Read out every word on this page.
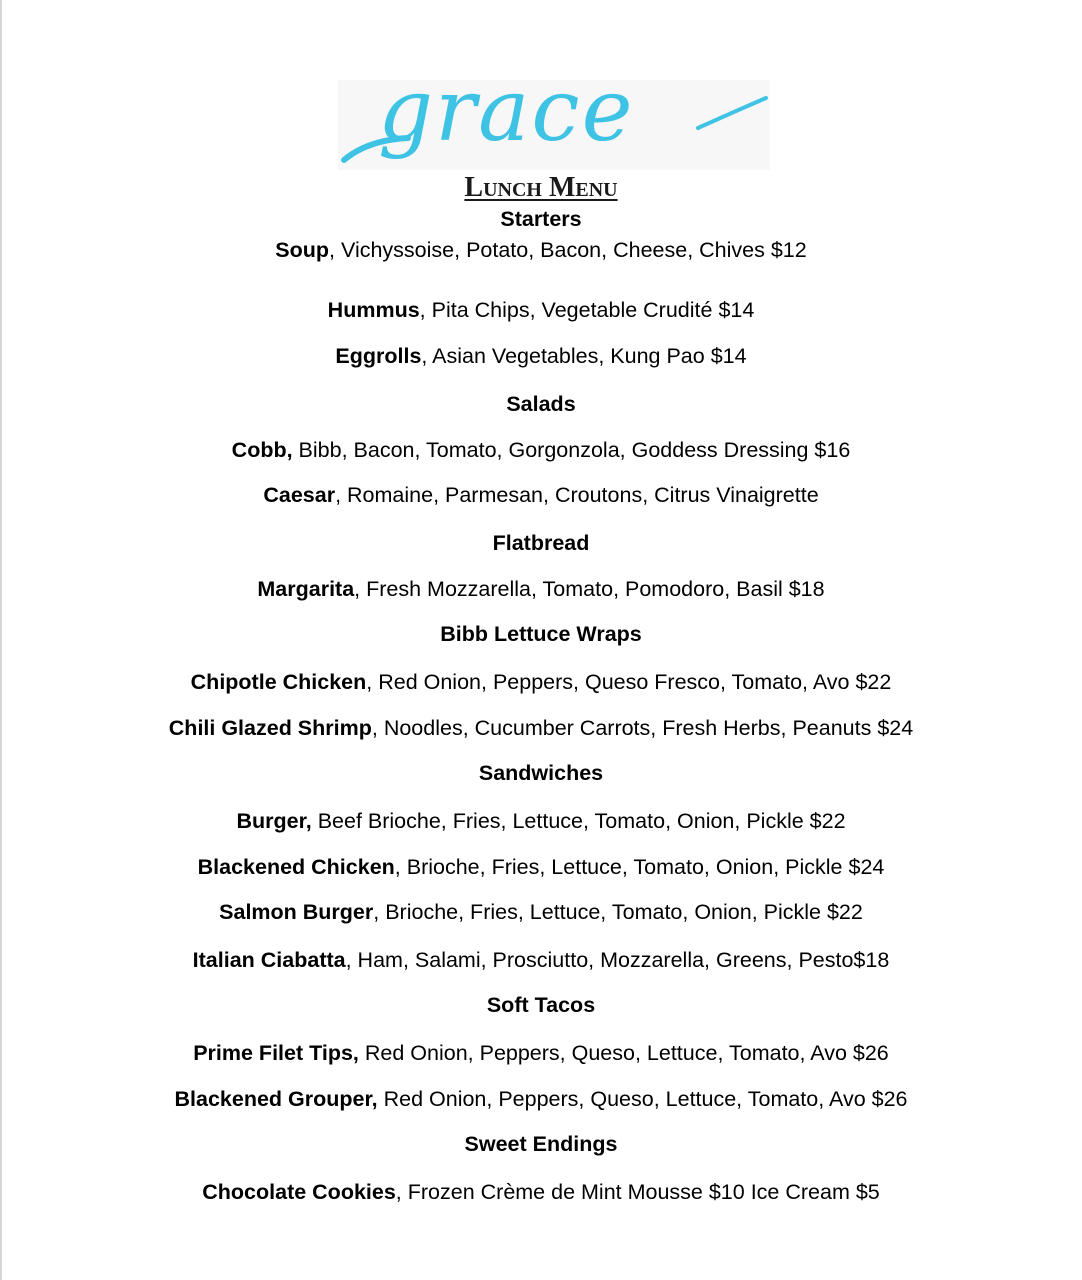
grace
Lunch Menu
Starters
Soup, Vichyssoise, Potato, Bacon, Cheese, Chives $12
Hummus, Pita Chips, Vegetable Crudité $14
Eggrolls, Asian Vegetables, Kung Pao $14
Salads
Cobb, Bibb, Bacon, Tomato, Gorgonzola, Goddess Dressing $16
Caesar, Romaine, Parmesan, Croutons, Citrus Vinaigrette
Flatbread
Margarita, Fresh Mozzarella, Tomato, Pomodoro, Basil $18
Bibb Lettuce Wraps
Chipotle Chicken, Red Onion, Peppers, Queso Fresco, Tomato, Avo $22
Chili Glazed Shrimp, Noodles, Cucumber Carrots, Fresh Herbs, Peanuts $24
Sandwiches
Burger, Beef Brioche, Fries, Lettuce, Tomato, Onion, Pickle $22
Blackened Chicken, Brioche, Fries, Lettuce, Tomato, Onion, Pickle $24
Salmon Burger, Brioche, Fries, Lettuce, Tomato, Onion, Pickle $22
Italian Ciabatta, Ham, Salami, Prosciutto, Mozzarella, Greens, Pesto$18
Soft Tacos
Prime Filet Tips, Red Onion, Peppers, Queso, Lettuce, Tomato, Avo $26
Blackened Grouper, Red Onion, Peppers, Queso, Lettuce, Tomato, Avo $26
Sweet Endings
Chocolate Cookies, Frozen Crème de Mint Mousse $10 Ice Cream $5
